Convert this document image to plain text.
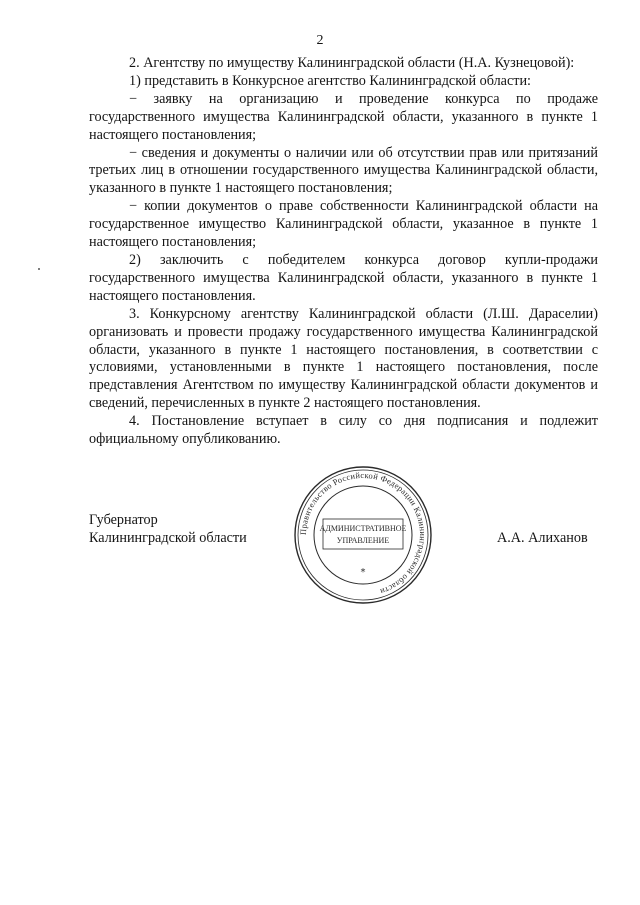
2

2. Агентству по имуществу Калининградской области (Н.А. Кузнецовой):

1) представить в Конкурсное агентство Калининградской области:

− заявку на организацию и проведение конкурса по продаже государственного имущества Калининградской области, указанного в пункте 1 настоящего постановления;

− сведения и документы о наличии или об отсутствии прав или притязаний третьих лиц в отношении государственного имущества Калининградской области, указанного в пункте 1 настоящего постановления;

− копии документов о праве собственности Калининградской области на государственное имущество Калининградской области, указанное в пункте 1 настоящего постановления;

2) заключить с победителем конкурса договор купли-продажи государственного имущества Калининградской области, указанного в пункте 1 настоящего постановления.

3. Конкурсному агентству Калининградской области (Л.Ш. Дараселии) организовать и провести продажу государственного имущества Калининградской области, указанного в пункте 1 настоящего постановления, в соответствии с условиями, установленными в пункте 1 настоящего постановления, после представления Агентством по имуществу Калининградской области документов и сведений, перечисленных в пункте 2 настоящего постановления.

4. Постановление вступает в силу со дня подписания и подлежит официальному опубликованию.

Губернатор
Калининградской области	А.А. Алиханов
Правительство Российской Федерации Калининградской области
АДМИНИСТРАТИВНОЕ
УПРАВЛЕНИЕ
*
